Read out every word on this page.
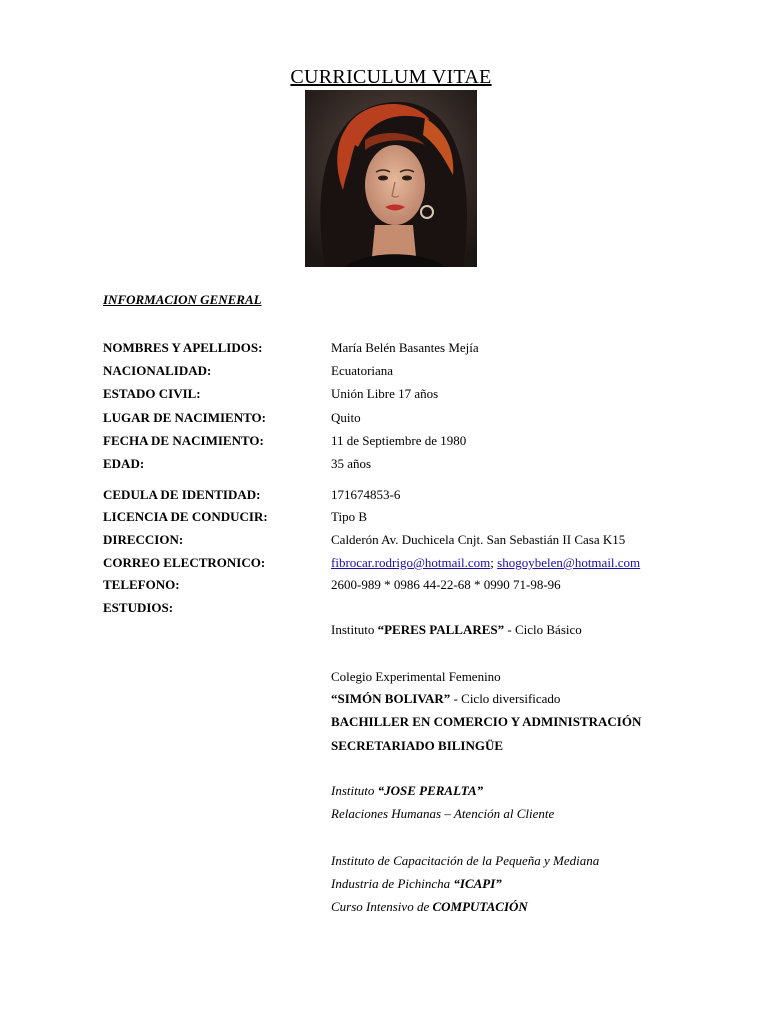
CURRICULUM VITAE
INFORMACION GENERAL
NOMBRES Y APELLIDOS:	María Belén Basantes Mejía
NACIONALIDAD:	Ecuatoriana
ESTADO CIVIL:	Unión Libre 17 años
LUGAR DE NACIMIENTO:	Quito
FECHA DE NACIMIENTO:	11 de Septiembre de 1980
EDAD:	35 años
CEDULA DE IDENTIDAD:	171674853-6
LICENCIA DE CONDUCIR:	Tipo B
DIRECCION:	Calderón Av. Duchicela Cnjt. San Sebastián II Casa K15
CORREO ELECTRONICO:	fibrocar.rodrigo@hotmail.com; shogoybelen@hotmail.com
TELEFONO:	2600-989 * 0986 44-22-68 * 0990 71-98-96
ESTUDIOS:
Instituto “PERES PALLARES” - Ciclo Básico
Colegio Experimental Femenino
“SIMÓN BOLIVAR” - Ciclo diversificado
BACHILLER EN COMERCIO Y ADMINISTRACIÓN
SECRETARIADO BILINGÜE
Instituto “JOSE PERALTA”
Relaciones Humanas – Atención al Cliente
Instituto de Capacitación de la Pequeña y Mediana
Industria de Pichincha “ICAPI”
Curso Intensivo de COMPUTACIÓN
